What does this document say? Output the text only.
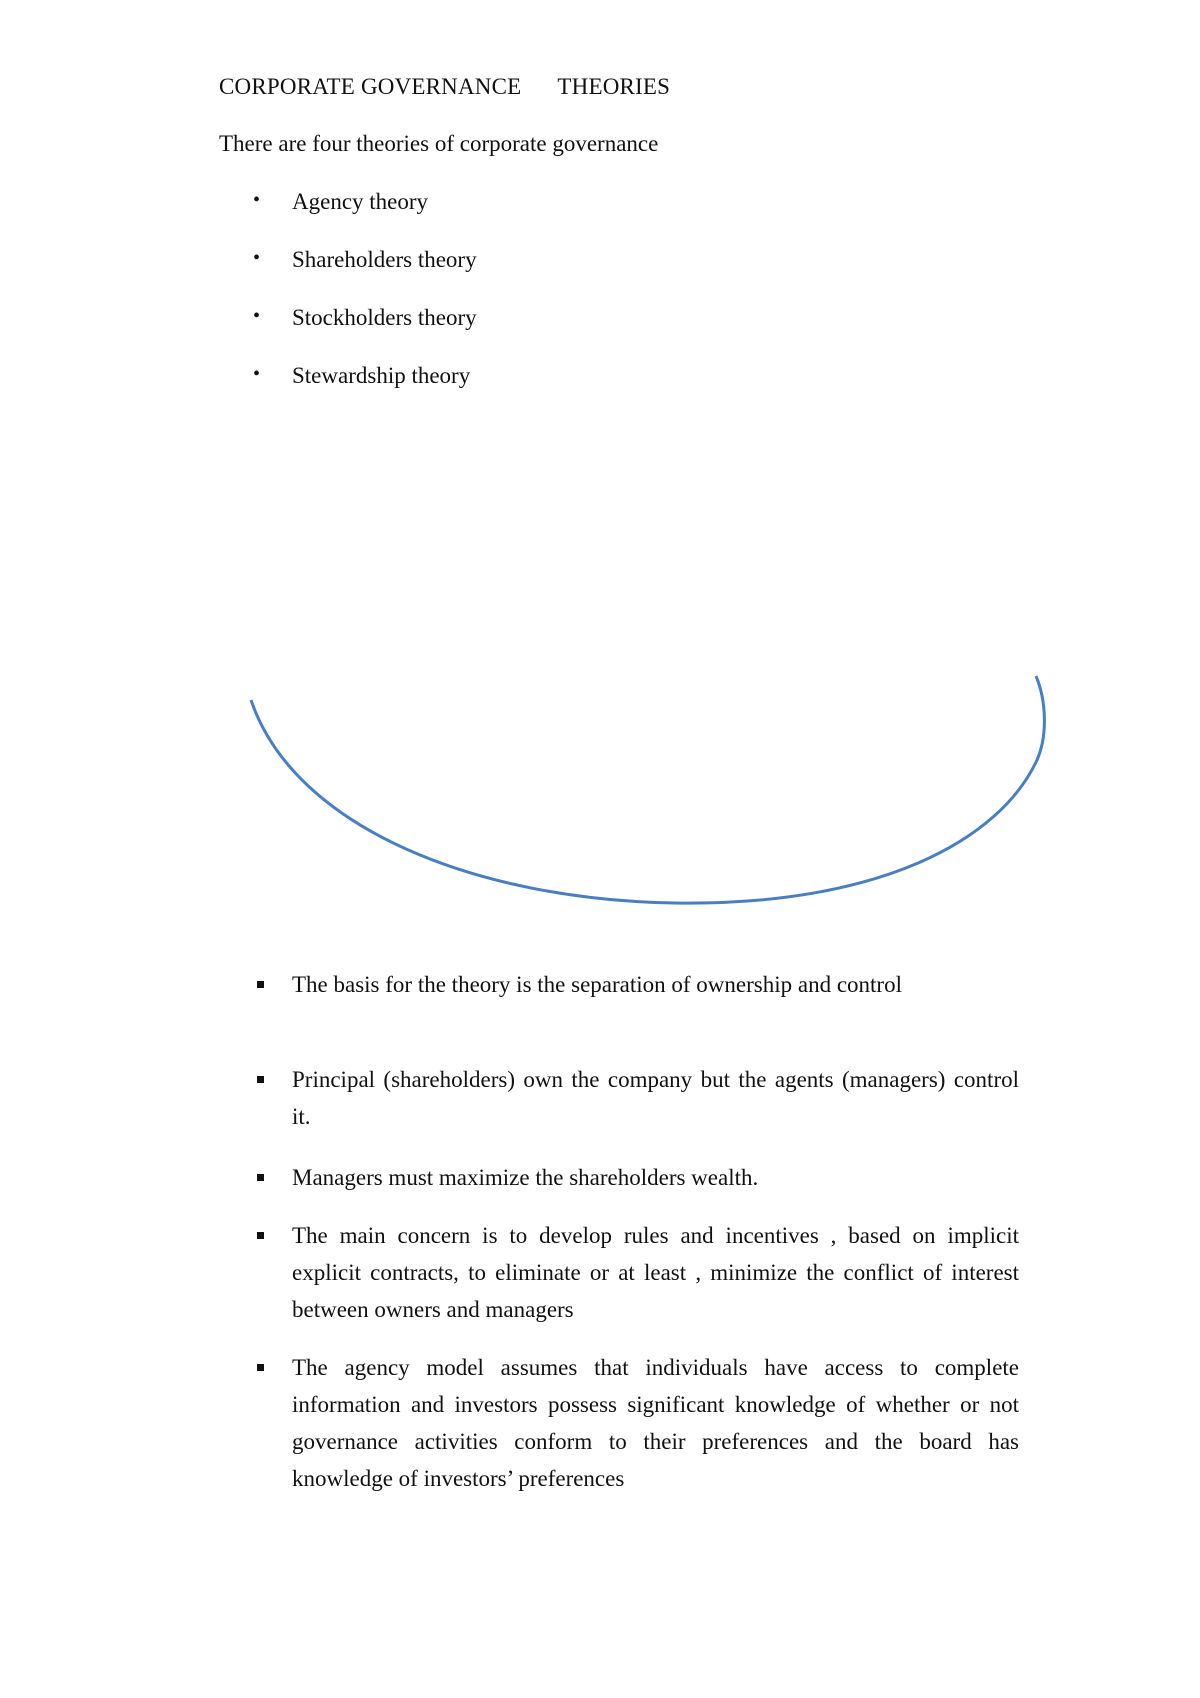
CORPORATE GOVERNANCE THEORIES
There are four theories of corporate governance
• Agency theory
• Shareholders theory
• Stockholders theory
• Stewardship theory
The basis for the theory is the separation of ownership and control
Principal (shareholders) own the company but the agents (managers) control it.
Managers must maximize the shareholders wealth.
The main concern is to develop rules and incentives , based on implicit explicit contracts, to eliminate or at least , minimize the conflict of interest between owners and managers
The agency model assumes that individuals have access to complete information and investors possess significant knowledge of whether or not governance activities conform to their preferences and the board has knowledge of investors’ preferences
